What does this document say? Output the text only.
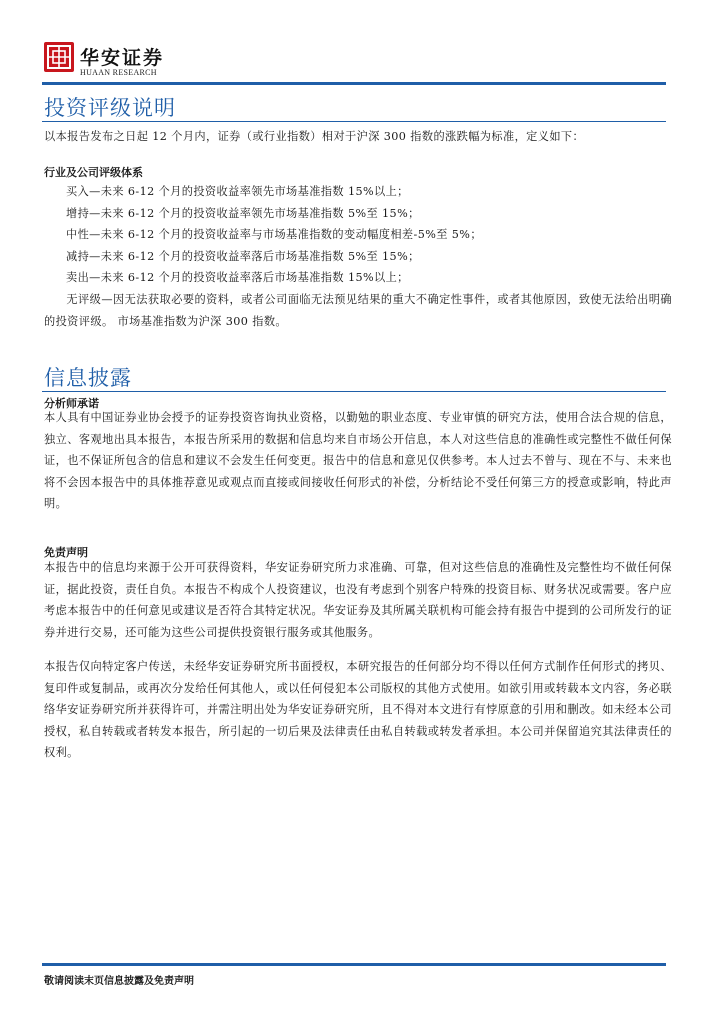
华安证券
HUAAN RESEARCH
投资评级说明
以本报告发布之日起 12 个月内，证券（或行业指数）相对于沪深 300 指数的涨跌幅为标准，定义如下：
行业及公司评级体系
买入—未来 6-12 个月的投资收益率领先市场基准指数 15%以上；
增持—未来 6-12 个月的投资收益率领先市场基准指数 5%至 15%；
中性—未来 6-12 个月的投资收益率与市场基准指数的变动幅度相差-5%至 5%；
减持—未来 6-12 个月的投资收益率落后市场基准指数 5%至 15%；
卖出—未来 6-12 个月的投资收益率落后市场基准指数 15%以上；
无评级—因无法获取必要的资料，或者公司面临无法预见结果的重大不确定性事件，或者其他原因，致使无法给出明确的投资评级。 市场基准指数为沪深 300 指数。
信息披露
分析师承诺
本人具有中国证券业协会授予的证券投资咨询执业资格，以勤勉的职业态度、专业审慎的研究方法，使用合法合规的信息，独立、客观地出具本报告，本报告所采用的数据和信息均来自市场公开信息，本人对这些信息的准确性或完整性不做任何保证，也不保证所包含的信息和建议不会发生任何变更。报告中的信息和意见仅供参考。本人过去不曾与、现在不与、未来也将不会因本报告中的具体推荐意见或观点而直接或间接收任何形式的补偿，分析结论不受任何第三方的授意或影响，特此声明。
免责声明
本报告中的信息均来源于公开可获得资料，华安证券研究所力求准确、可靠，但对这些信息的准确性及完整性均不做任何保证，据此投资，责任自负。本报告不构成个人投资建议，也没有考虑到个别客户特殊的投资目标、财务状况或需要。客户应考虑本报告中的任何意见或建议是否符合其特定状况。华安证券及其所属关联机构可能会持有报告中提到的公司所发行的证券并进行交易，还可能为这些公司提供投资银行服务或其他服务。
本报告仅向特定客户传送，未经华安证券研究所书面授权，本研究报告的任何部分均不得以任何方式制作任何形式的拷贝、复印件或复制品，或再次分发给任何其他人，或以任何侵犯本公司版权的其他方式使用。如欲引用或转载本文内容，务必联络华安证券研究所并获得许可，并需注明出处为华安证券研究所，且不得对本文进行有悖原意的引用和删改。如未经本公司授权，私自转载或者转发本报告，所引起的一切后果及法律责任由私自转载或转发者承担。本公司并保留追究其法律责任的权利。
敬请阅读末页信息披露及免责声明
